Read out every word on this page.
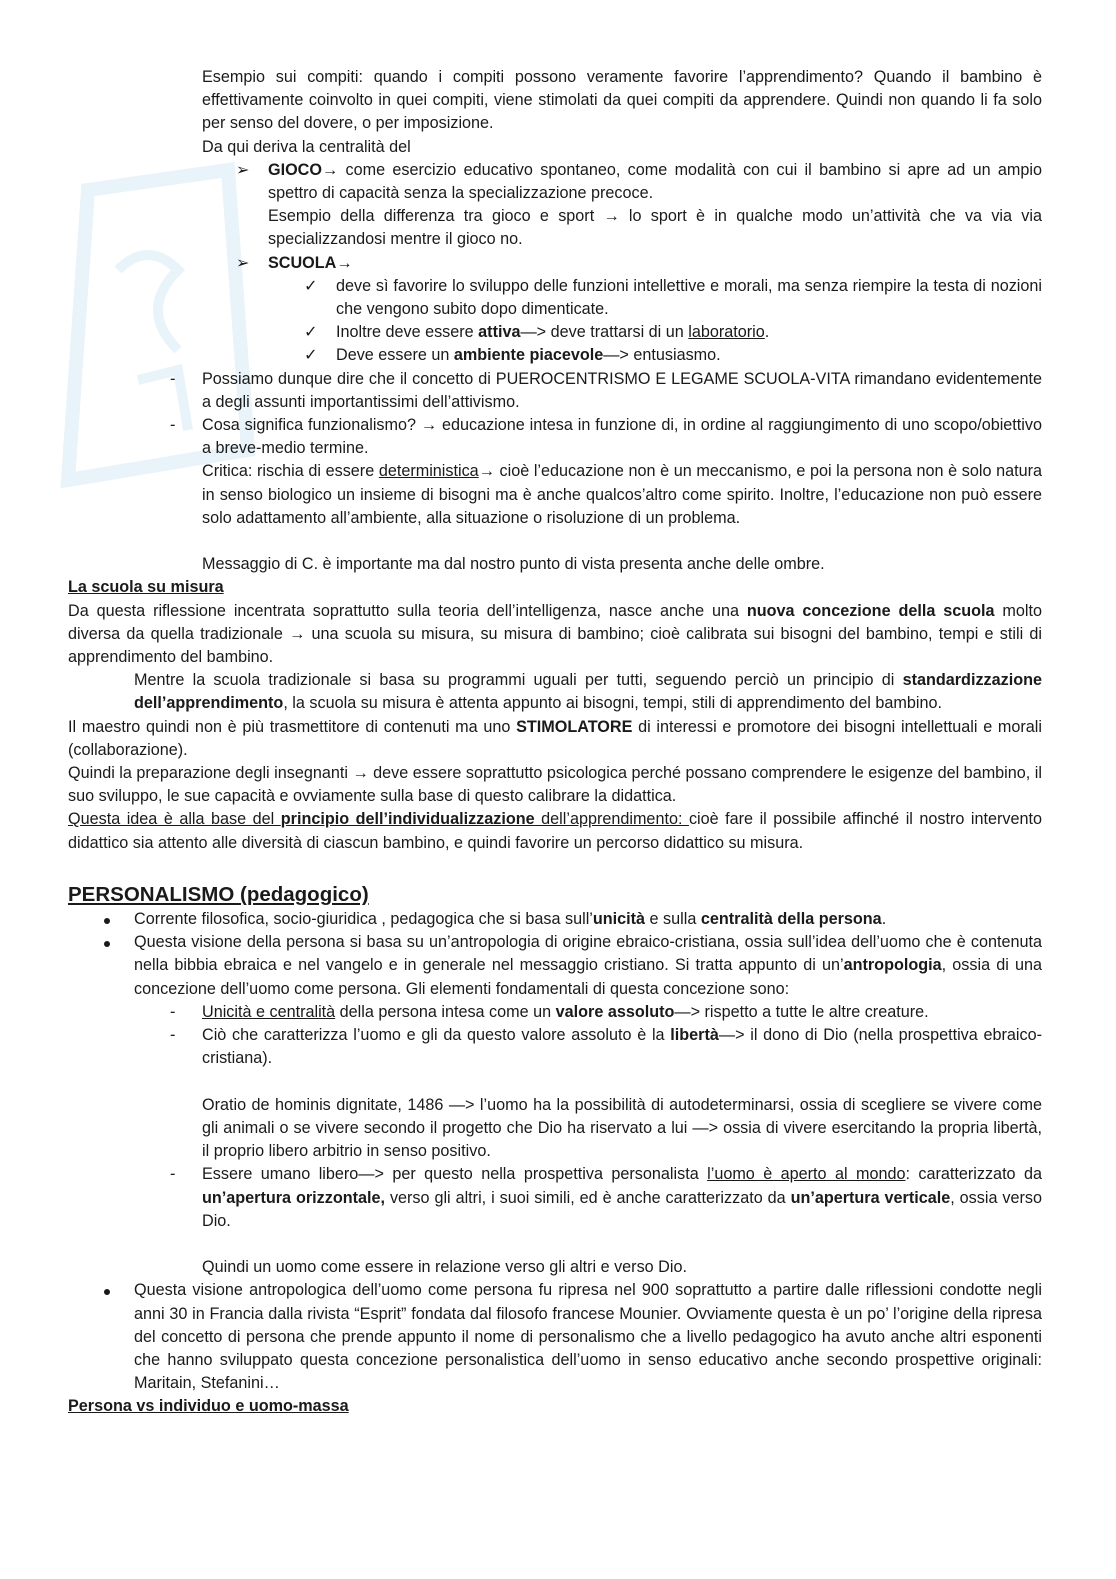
Esempio sui compiti: quando i compiti possono veramente favorire l’apprendimento? Quando il bambino è effettivamente coinvolto in quei compiti, viene stimolati da quei compiti da apprendere. Quindi non quando li fa solo per senso del dovere, o per imposizione.

Da qui deriva la centralità del

➢ GIOCO→ come esercizio educativo spontaneo, come modalità con cui il bambino si apre ad un ampio spettro di capacità senza la specializzazione precoce.

Esempio della differenza tra gioco e sport → lo sport è in qualche modo un’attività che va via via specializzandosi mentre il gioco no.

➢ SCUOLA→
✓ deve sì favorire lo sviluppo delle funzioni intellettive e morali, ma senza riempire la testa di nozioni che vengono subito dopo dimenticate.
✓ Inoltre deve essere attiva—> deve trattarsi di un laboratorio.
✓ Deve essere un ambiente piacevole—> entusiasmo.
- Possiamo dunque dire che il concetto di PUEROCENTRISMO E LEGAME SCUOLA-VITA rimandano evidentemente a degli assunti importantissimi dell’attivismo.
- Cosa significa funzionalismo? → educazione intesa in funzione di, in ordine al raggiungimento di uno scopo/obiettivo a breve-medio termine.

Critica: rischia di essere deterministica→ cioè l’educazione non è un meccanismo, e poi la persona non è solo natura in senso biologico un insieme di bisogni ma è anche qualcos’altro come spirito. Inoltre, l’educazione non può essere solo adattamento all’ambiente, alla situazione o risoluzione di un problema.

Messaggio di C. è importante ma dal nostro punto di vista presenta anche delle ombre.

La scuola su misura

Da questa riflessione incentrata soprattutto sulla teoria dell’intelligenza, nasce anche una nuova concezione della scuola molto diversa da quella tradizionale → una scuola su misura, su misura di bambino; cioè calibrata sui bisogni del bambino, tempi e stili di apprendimento del bambino.

Mentre la scuola tradizionale si basa su programmi uguali per tutti, seguendo perciò un principio di standardizzazione dell’apprendimento, la scuola su misura è attenta appunto ai bisogni, tempi, stili di apprendimento del bambino.

Il maestro quindi non è più trasmettitore di contenuti ma uno STIMOLATORE di interessi e promotore dei bisogni intellettuali e morali (collaborazione).

Quindi la preparazione degli insegnanti → deve essere soprattutto psicologica perché possano comprendere le esigenze del bambino, il suo sviluppo, le sue capacità e ovviamente sulla base di questo calibrare la didattica.

Questa idea è alla base del principio dell’individualizzazione dell’apprendimento: cioè fare il possibile affinché il nostro intervento didattico sia attento alle diversità di ciascun bambino, e quindi favorire un percorso didattico su misura.

PERSONALISMO (pedagogico)

Corrente filosofica, socio-giuridica , pedagogica che si basa sull’unicità e sulla centralità della persona.
Questa visione della persona si basa su un’antropologia di origine ebraico-cristiana, ossia sull’idea dell’uomo che è contenuta nella bibbia ebraica e nel vangelo e in generale nel messaggio cristiano. Si tratta appunto di un’antropologia, ossia di una concezione dell’uomo come persona. Gli elementi fondamentali di questa concezione sono:
- Unicità e centralità della persona intesa come un valore assoluto—> rispetto a tutte le altre creature.
- Ciò che caratterizza l’uomo e gli da questo valore assoluto è la libertà—> il dono di Dio (nella prospettiva ebraico-cristiana).

Oratio de hominis dignitate, 1486 —> l’uomo ha la possibilità di autodeterminarsi, ossia di scegliere se vivere come gli animali o se vivere secondo il progetto che Dio ha riservato a lui —> ossia di vivere esercitando la propria libertà, il proprio libero arbitrio in senso positivo.

- Essere umano libero—> per questo nella prospettiva personalista l’uomo è aperto al mondo: caratterizzato da un’apertura orizzontale, verso gli altri, i suoi simili, ed è anche caratterizzato da un’apertura verticale, ossia verso Dio.

Quindi un uomo come essere in relazione verso gli altri e verso Dio.

Questa visione antropologica dell’uomo come persona fu ripresa nel 900 soprattutto a partire dalle riflessioni condotte negli anni 30 in Francia dalla rivista “Esprit” fondata dal filosofo francese Mounier. Ovviamente questa è un po’ l’origine della ripresa del concetto di persona che prende appunto il nome di personalismo che a livello pedagogico ha avuto anche altri esponenti che hanno sviluppato questa concezione personalistica dell’uomo in senso educativo anche secondo prospettive originali: Maritain, Stefanini…

Persona vs individuo e uomo-massa
